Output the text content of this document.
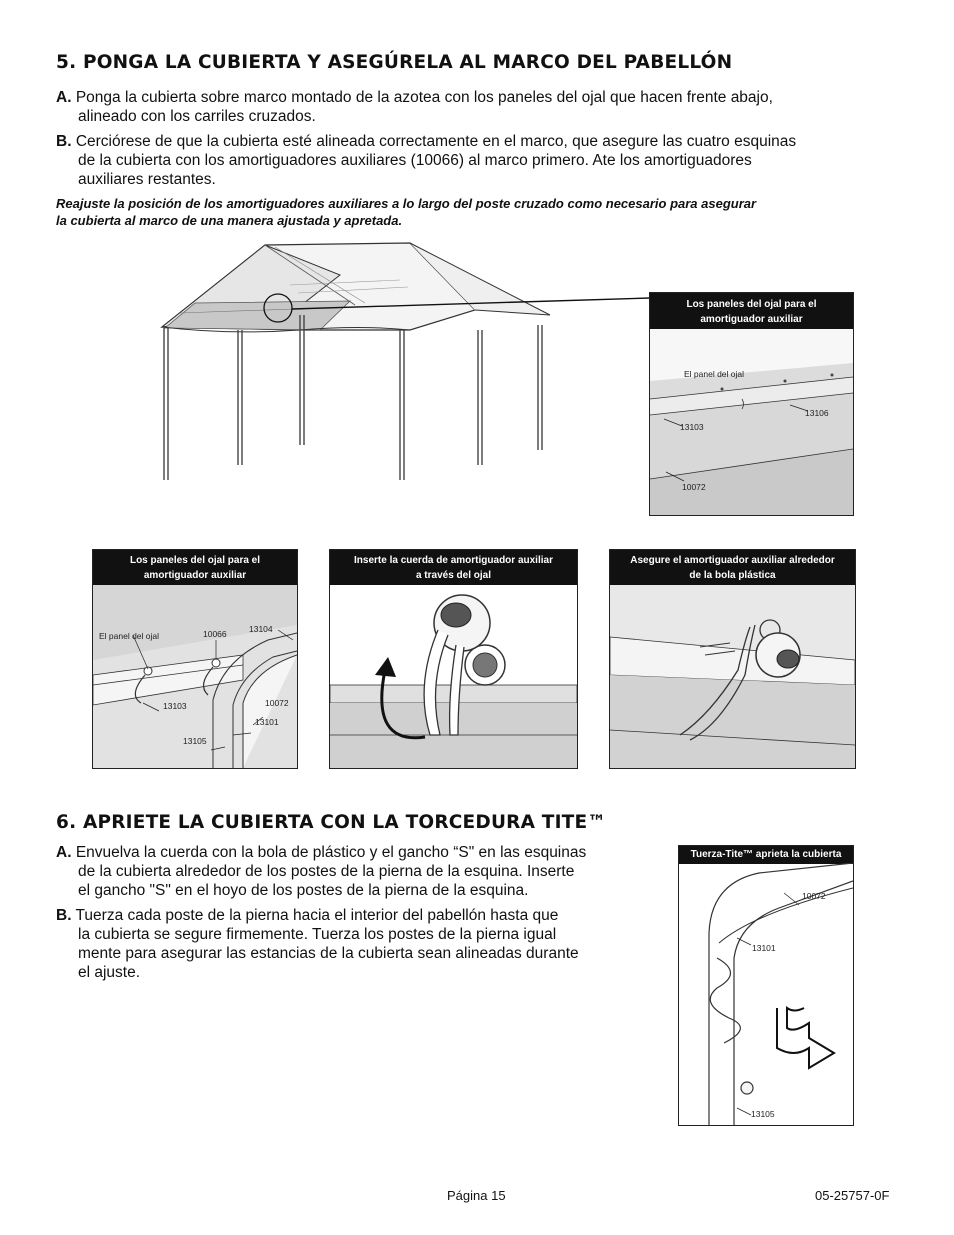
5. PONGA LA CUBIERTA Y ASEGÚRELA AL MARCO DEL PABELLÓN
A. Ponga la cubierta sobre marco montado de la azotea con los paneles del ojal que hacen frente abajo,
alineado con los carriles cruzados.
B. Cerciórese de que la cubierta esté alineada correctamente en el marco, que asegure las cuatro esquinas
de la cubierta con los amortiguadores auxiliares (10066) al marco primero. Ate los amortiguadores
auxiliares restantes.
Reajuste la posición de los amortiguadores auxiliares a lo largo del poste cruzado como necesario para asegurar
la cubierta al marco de una manera ajustada y apretada.
Los paneles del ojal para el
amortiguador auxiliar
El panel del ojal
13106
13103
10072
Los paneles del ojal para el
amortiguador auxiliar
El panel del ojal	10066	13104
13103	10072
13101
13105
Inserte la cuerda de amortiguador auxiliar
a través del ojal
Asegure el amortiguador auxiliar alrededor
de la bola plástica
6. APRIETE LA CUBIERTA CON LA TORCEDURA TITE™
A. Envuelva la cuerda con la bola de plástico y el gancho “S" en las esquinas
de la cubierta alrededor de los postes de la pierna de la esquina. Inserte
el gancho "S" en el hoyo de los postes de la pierna de la esquina.
B. Tuerza cada poste de la pierna hacia el interior del pabellón hasta que
la cubierta se segure firmemente. Tuerza los postes de la pierna igual
mente para asegurar las estancias de la cubierta sean alineadas durante
el ajuste.
Tuerza-Tite™ aprieta la cubierta
10072
13101
13105
Página 15	05-25757-0F
